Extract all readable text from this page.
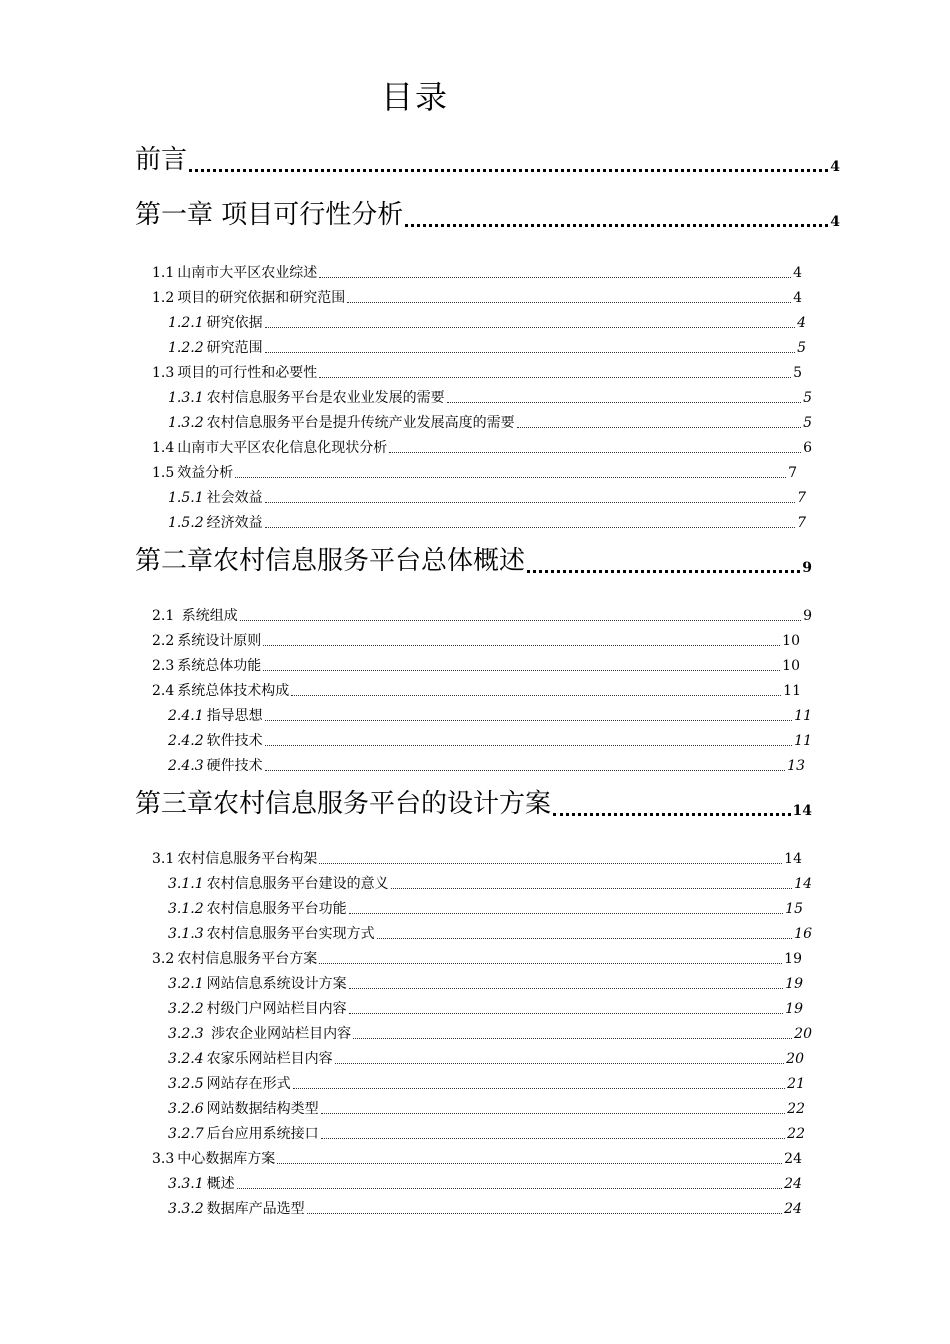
目录
前言	4
第一章 项目可行性分析	4
1.1 山南市大平区农业综述	4
1.2 项目的研究依据和研究范围	4
1.2.1 研究依据	4
1.2.2 研究范围	5
1.3 项目的可行性和必要性	5
1.3.1 农村信息服务平台是农业业发展的需要	5
1.3.2 农村信息服务平台是提升传统产业发展高度的需要	5
1.4 山南市大平区农化信息化现状分析	6
1.5 效益分析	7
1.5.1 社会效益	7
1.5.2 经济效益	7
第二章农村信息服务平台总体概述	9
2.1 系统组成	9
2.2 系统设计原则	10
2.3 系统总体功能	10
2.4 系统总体技术构成	11
2.4.1 指导思想	11
2.4.2 软件技术	11
2.4.3 硬件技术	13
第三章农村信息服务平台的设计方案	14
3.1 农村信息服务平台构架	14
3.1.1 农村信息服务平台建设的意义	14
3.1.2 农村信息服务平台功能	15
3.1.3 农村信息服务平台实现方式	16
3.2 农村信息服务平台方案	19
3.2.1 网站信息系统设计方案	19
3.2.2 村级门户网站栏目内容	19
3.2.3 涉农企业网站栏目内容	20
3.2.4 农家乐网站栏目内容	20
3.2.5 网站存在形式	21
3.2.6 网站数据结构类型	22
3.2.7 后台应用系统接口	22
3.3 中心数据库方案	24
3.3.1 概述	24
3.3.2 数据库产品选型	24
